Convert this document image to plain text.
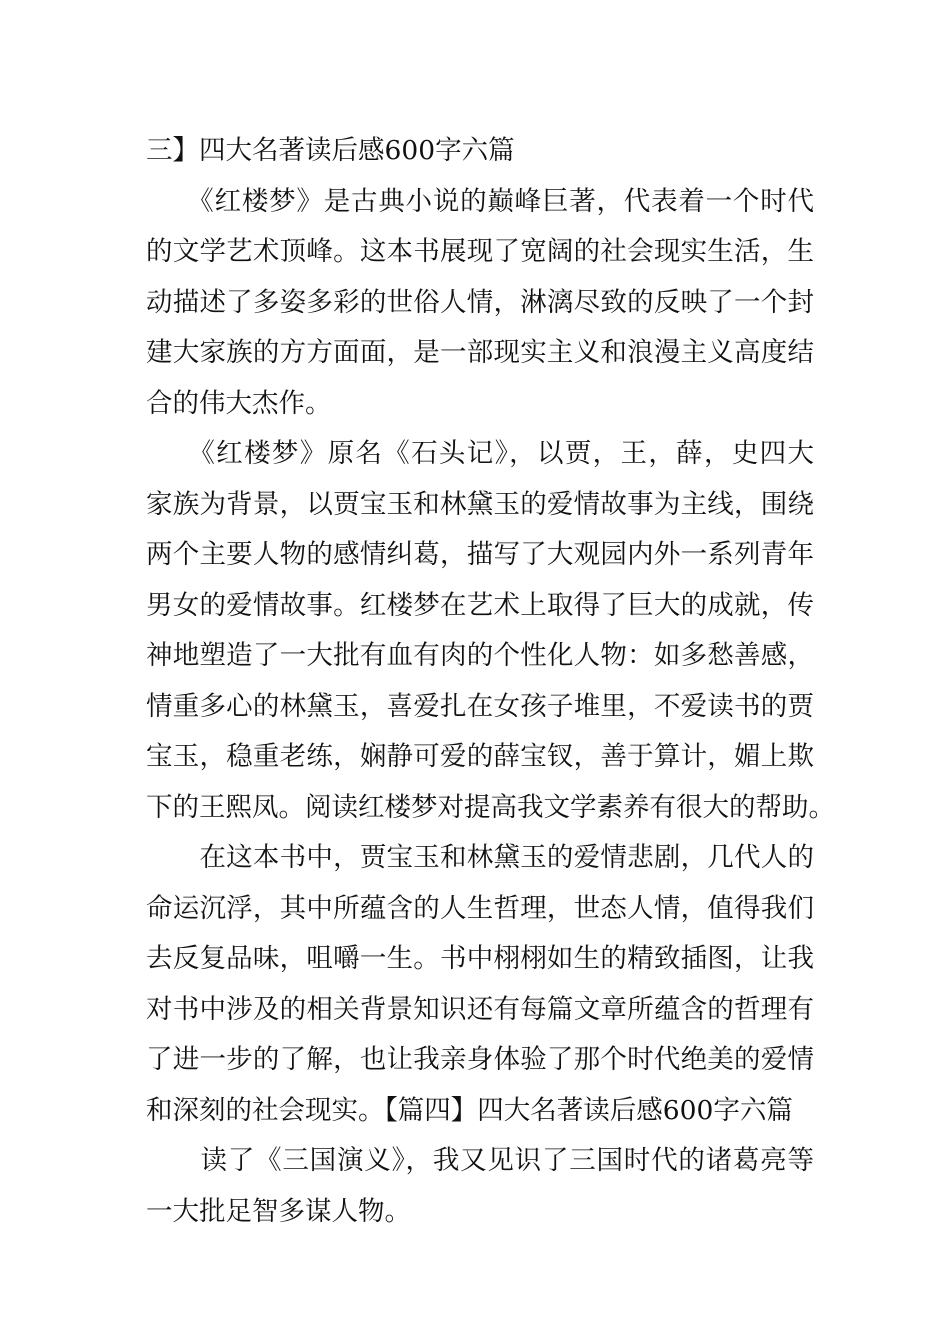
三】四大名著读后感600字六篇
　　《红楼梦》是古典小说的巅峰巨著，代表着一个时代
的文学艺术顶峰。这本书展现了宽阔的社会现实生活，生
动描述了多姿多彩的世俗人情，淋漓尽致的反映了一个封
建大家族的方方面面，是一部现实主义和浪漫主义高度结
合的伟大杰作。
　　《红楼梦》原名《石头记》，以贾，王，薛，史四大
家族为背景，以贾宝玉和林黛玉的爱情故事为主线，围绕
两个主要人物的感情纠葛，描写了大观园内外一系列青年
男女的爱情故事。红楼梦在艺术上取得了巨大的成就，传
神地塑造了一大批有血有肉的个性化人物：如多愁善感，
情重多心的林黛玉，喜爱扎在女孩子堆里，不爱读书的贾
宝玉，稳重老练，娴静可爱的薛宝钗，善于算计，媚上欺
下的王熙凤。阅读红楼梦对提高我文学素养有很大的帮助。
　　在这本书中，贾宝玉和林黛玉的爱情悲剧，几代人的
命运沉浮，其中所蕴含的人生哲理，世态人情，值得我们
去反复品味，咀嚼一生。书中栩栩如生的精致插图，让我
对书中涉及的相关背景知识还有每篇文章所蕴含的哲理有
了进一步的了解，也让我亲身体验了那个时代绝美的爱情
和深刻的社会现实。【篇四】四大名著读后感600字六篇
　　读了《三国演义》，我又见识了三国时代的诸葛亮等
一大批足智多谋人物。
